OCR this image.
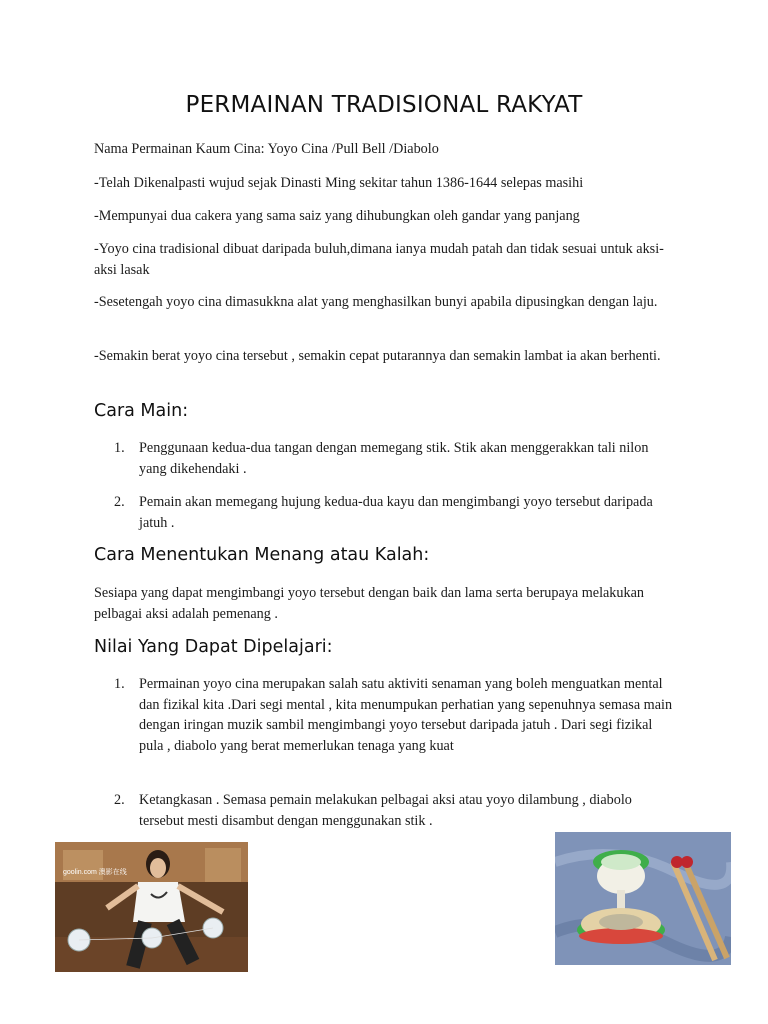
PERMAINAN TRADISIONAL RAKYAT
Nama Permainan Kaum Cina: Yoyo Cina /Pull Bell /Diabolo
-Telah Dikenalpasti wujud sejak Dinasti Ming sekitar tahun 1386-1644 selepas masihi
-Mempunyai dua cakera yang sama saiz yang dihubungkan oleh gandar yang panjang
-Yoyo cina tradisional dibuat daripada buluh,dimana ianya mudah patah dan tidak sesuai untuk aksi-aksi lasak
-Sesetengah yoyo cina dimasukkna alat yang menghasilkan bunyi apabila dipusingkan dengan laju.
-Semakin berat yoyo cina tersebut , semakin cepat putarannya dan semakin lambat ia akan berhenti.
Cara Main:
1.	Penggunaan kedua-dua tangan dengan memegang stik. Stik akan menggerakkan tali nilon yang dikehendaki .
2.	Pemain akan memegang hujung kedua-dua kayu dan mengimbangi yoyo tersebut daripada jatuh .
Cara Menentukan Menang atau Kalah:
Sesiapa yang dapat mengimbangi yoyo tersebut dengan baik dan lama serta berupaya melakukan pelbagai aksi adalah pemenang .
Nilai Yang Dapat Dipelajari:
1.	Permainan yoyo cina merupakan salah satu aktiviti senaman yang boleh menguatkan mental dan fizikal kita .Dari segi mental , kita menumpukan perhatian yang sepenuhnya semasa main dengan iringan muzik sambil mengimbangi yoyo tersebut daripada jatuh . Dari segi fizikal pula , diabolo yang berat memerlukan tenaga yang kuat
2.	Ketangkasan . Semasa pemain melakukan pelbagai aksi atau yoyo dilambung , diabolo tersebut mesti disambut dengan menggunakan stik .
goolin.com 澳影在线
